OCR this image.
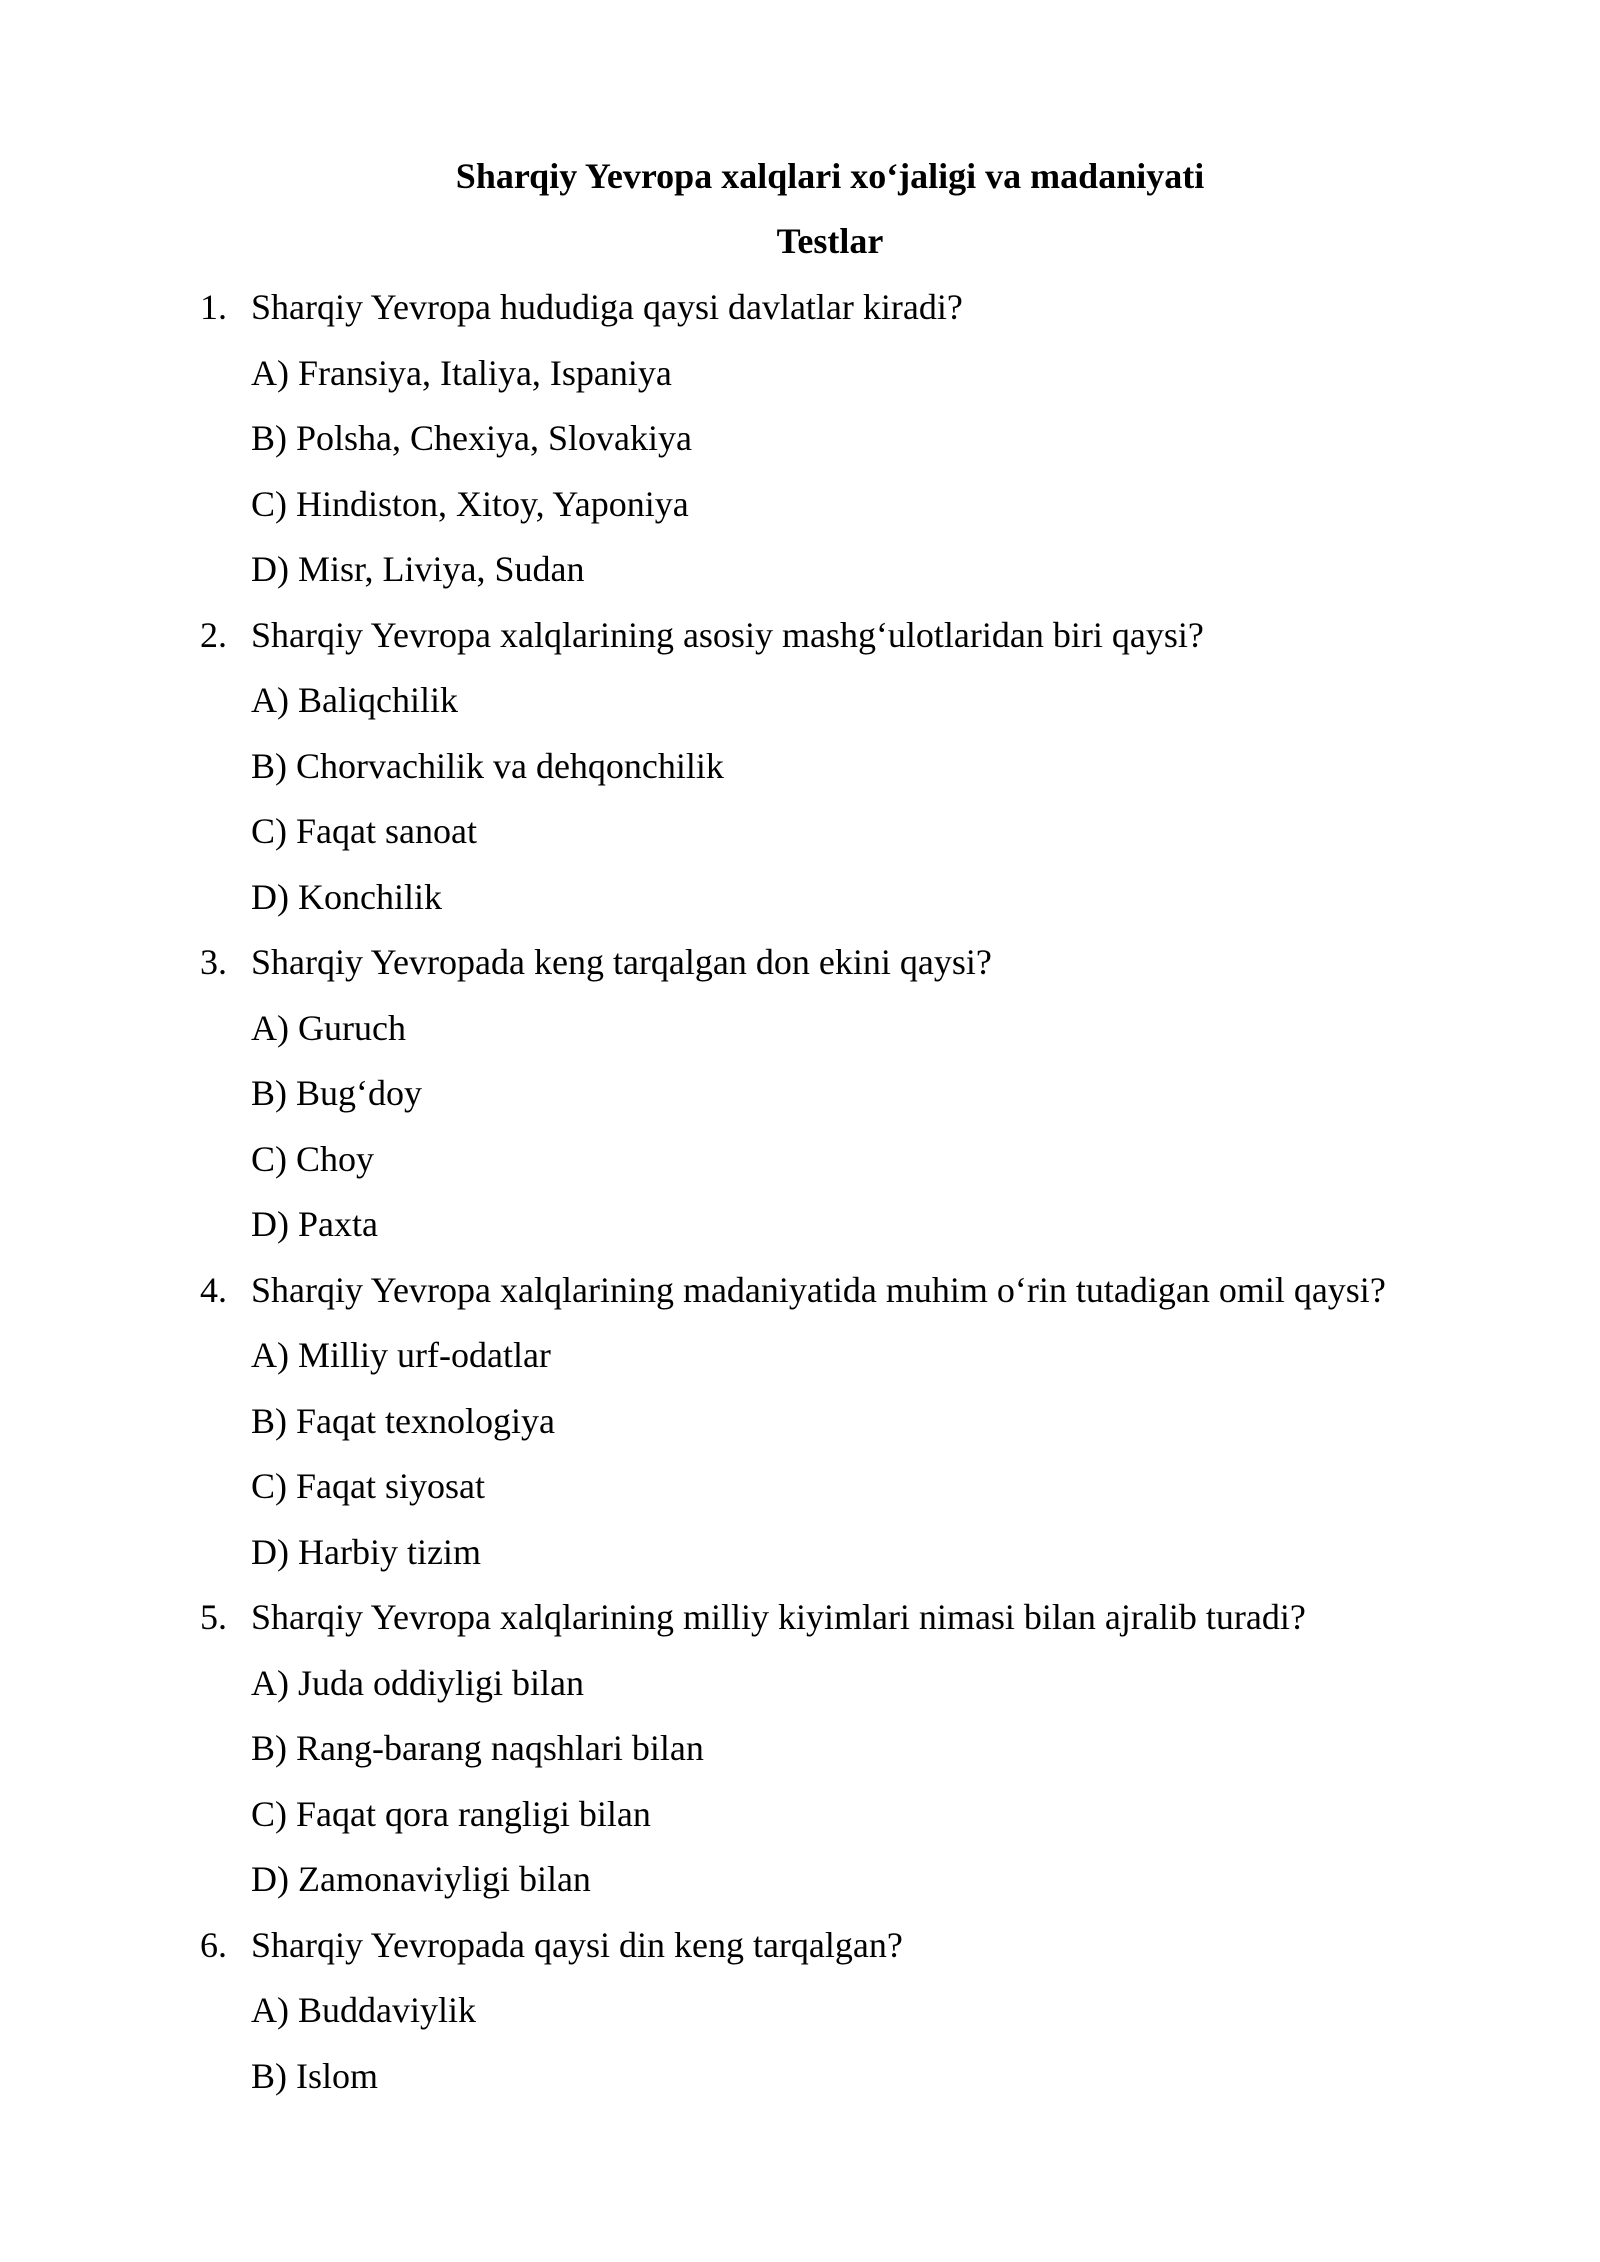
Sharqiy Yevropa xalqlari xo‘jaligi va madaniyati
Testlar
1. Sharqiy Yevropa hududiga qaysi davlatlar kiradi?
A) Fransiya, Italiya, Ispaniya
B) Polsha, Chexiya, Slovakiya
C) Hindiston, Xitoy, Yaponiya
D) Misr, Liviya, Sudan
2. Sharqiy Yevropa xalqlarining asosiy mashg‘ulotlaridan biri qaysi?
A) Baliqchilik
B) Chorvachilik va dehqonchilik
C) Faqat sanoat
D) Konchilik
3. Sharqiy Yevropada keng tarqalgan don ekini qaysi?
A) Guruch
B) Bug‘doy
C) Choy
D) Paxta
4. Sharqiy Yevropa xalqlarining madaniyatida muhim o‘rin tutadigan omil qaysi?
A) Milliy urf-odatlar
B) Faqat texnologiya
C) Faqat siyosat
D) Harbiy tizim
5. Sharqiy Yevropa xalqlarining milliy kiyimlari nimasi bilan ajralib turadi?
A) Juda oddiyligi bilan
B) Rang-barang naqshlari bilan
C) Faqat qora rangligi bilan
D) Zamonaviyligi bilan
6. Sharqiy Yevropada qaysi din keng tarqalgan?
A) Buddaviylik
B) Islom
